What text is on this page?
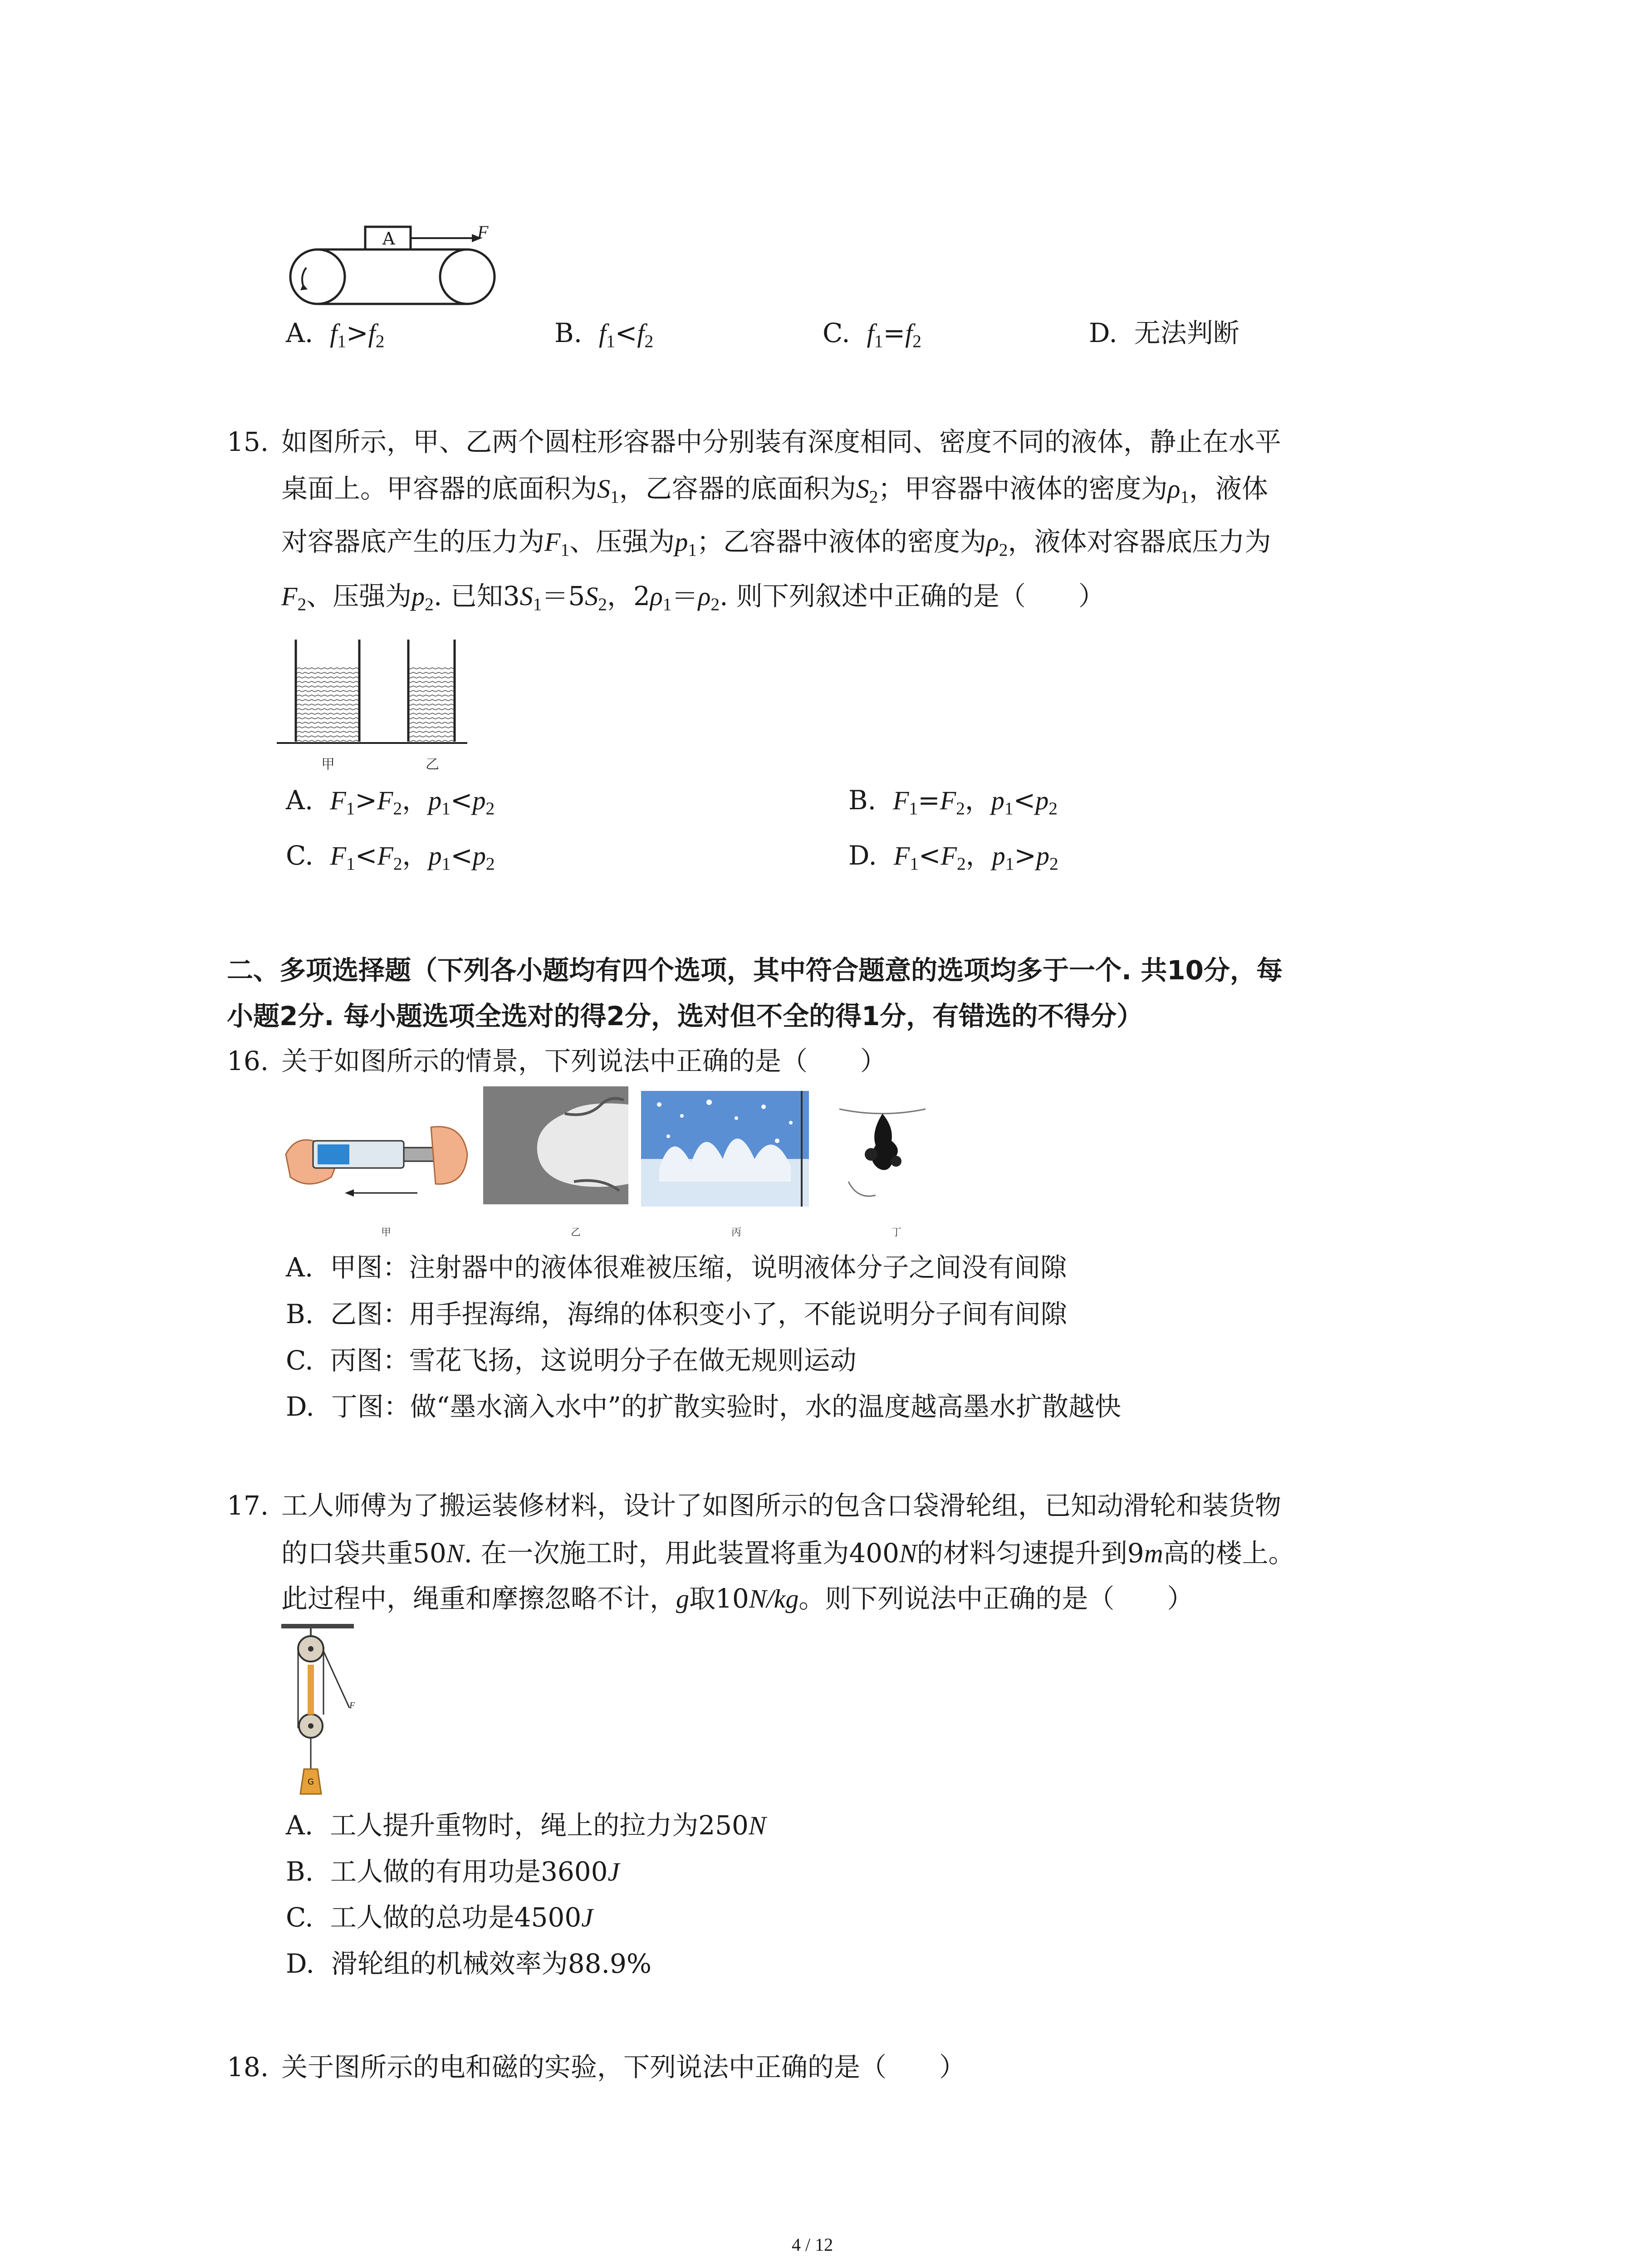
A	F
A. f1>f2	B. f1<f2	C. f1=f2	D. 无法判断
15. 如图所示，甲、乙两个圆柱形容器中分别装有深度相同、密度不同的液体，静止在水平
桌面上。甲容器的底面积为S1，乙容器的底面积为S2；甲容器中液体的密度为ρ1，液体
对容器底产生的压力为F1、压强为p1；乙容器中液体的密度为ρ2，液体对容器底压力为
F2、压强为p2. 已知3S1＝5S2，2ρ1＝ρ2. 则下列叙述中正确的是（　　）
甲	乙
A. F1>F2，p1<p2	B. F1=F2，p1<p2
C. F1<F2，p1<p2	D. F1<F2，p1>p2
二、多项选择题（下列各小题均有四个选项，其中符合题意的选项均多于一个. 共10分，每
小题2分. 每小题选项全选对的得2分，选对但不全的得1分，有错选的不得分）
16. 关于如图所示的情景，下列说法中正确的是（　　）
甲	乙	丙	丁
A. 甲图：注射器中的液体很难被压缩，说明液体分子之间没有间隙
B. 乙图：用手捏海绵，海绵的体积变小了，不能说明分子间有间隙
C. 丙图：雪花飞扬，这说明分子在做无规则运动
D. 丁图：做“墨水滴入水中”的扩散实验时，水的温度越高墨水扩散越快
17. 工人师傅为了搬运装修材料，设计了如图所示的包含口袋滑轮组，已知动滑轮和装货物
的口袋共重50N. 在一次施工时，用此装置将重为400N的材料匀速提升到9m高的楼上。
此过程中，绳重和摩擦忽略不计，g取10N/kg。则下列说法中正确的是（　　）
F
G
A. 工人提升重物时，绳上的拉力为250N
B. 工人做的有用功是3600J
C. 工人做的总功是4500J
D. 滑轮组的机械效率为88.9%
18. 关于图所示的电和磁的实验，下列说法中正确的是（　　）
4 / 12
